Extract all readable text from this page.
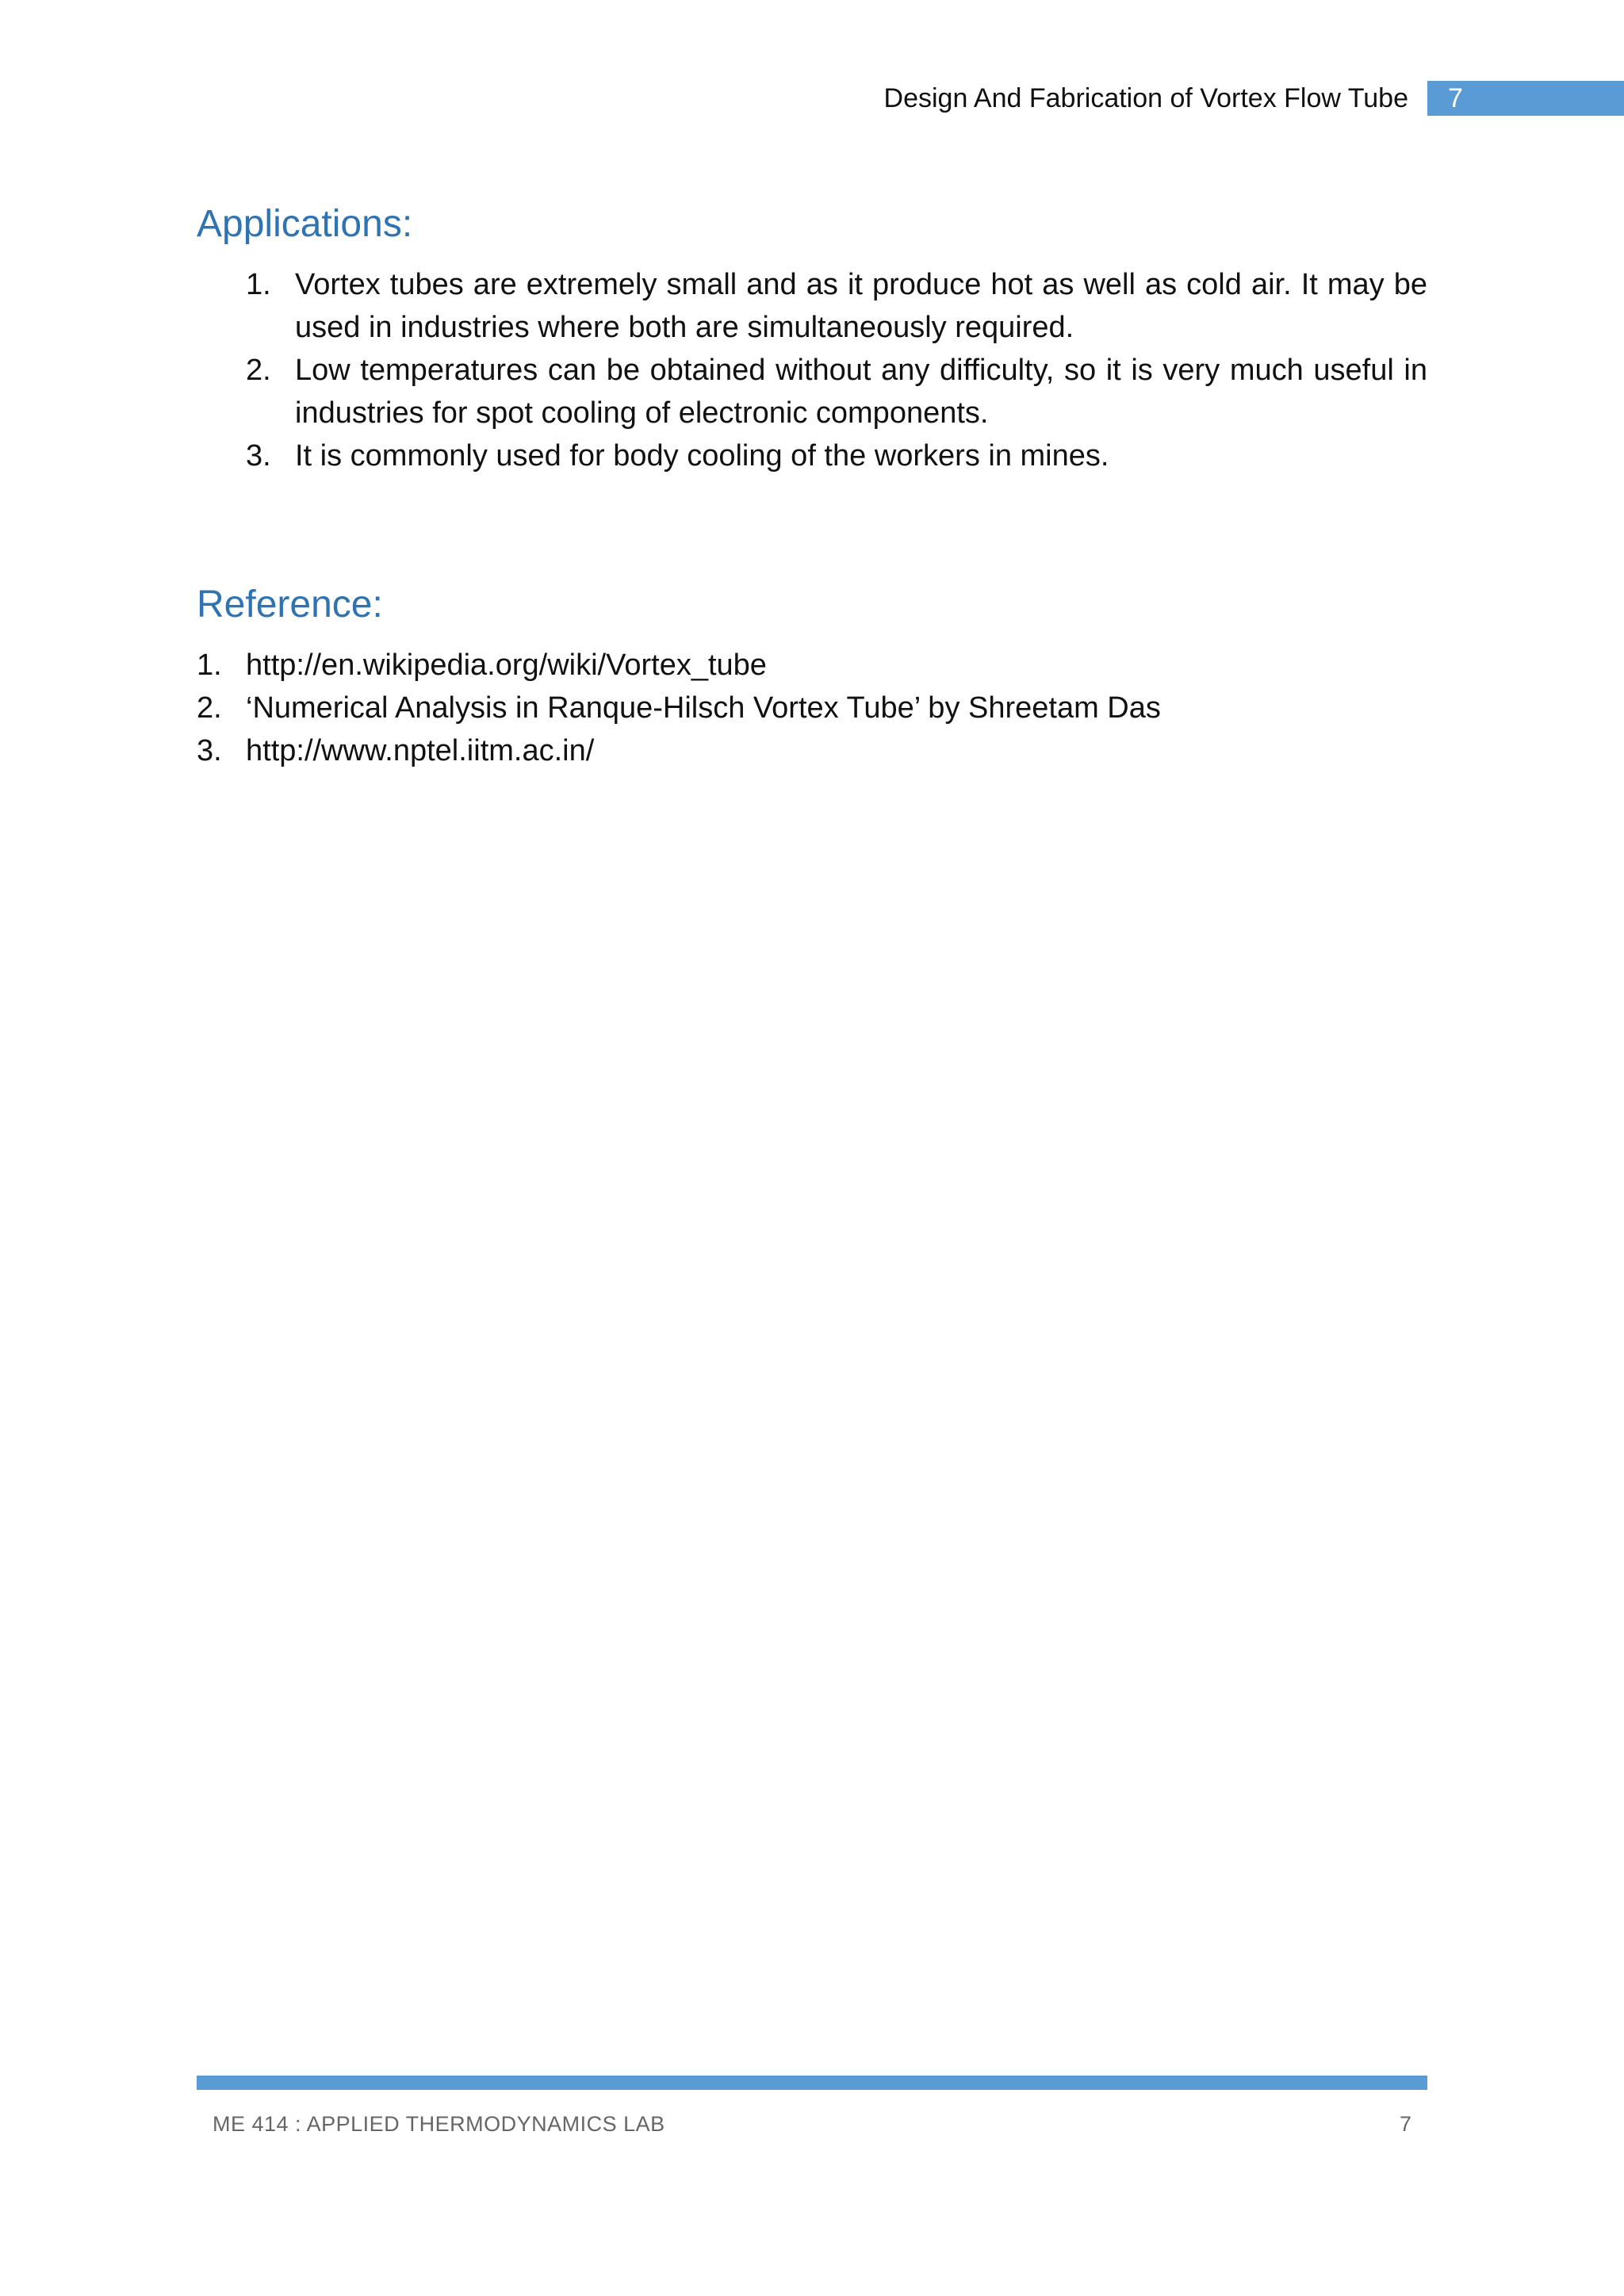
Design And Fabrication of Vortex Flow Tube 7
Applications:
1. Vortex tubes are extremely small and as it produce hot as well as cold air. It may be used in industries where both are simultaneously required.
2. Low temperatures can be obtained without any difficulty, so it is very much useful in industries for spot cooling of electronic components.
3. It is commonly used for body cooling of the workers in mines.
Reference:
1. http://en.wikipedia.org/wiki/Vortex_tube
2. ‘Numerical Analysis in Ranque-Hilsch Vortex Tube’ by Shreetam Das
3. http://www.nptel.iitm.ac.in/
ME 414 : APPLIED THERMODYNAMICS LAB	7
